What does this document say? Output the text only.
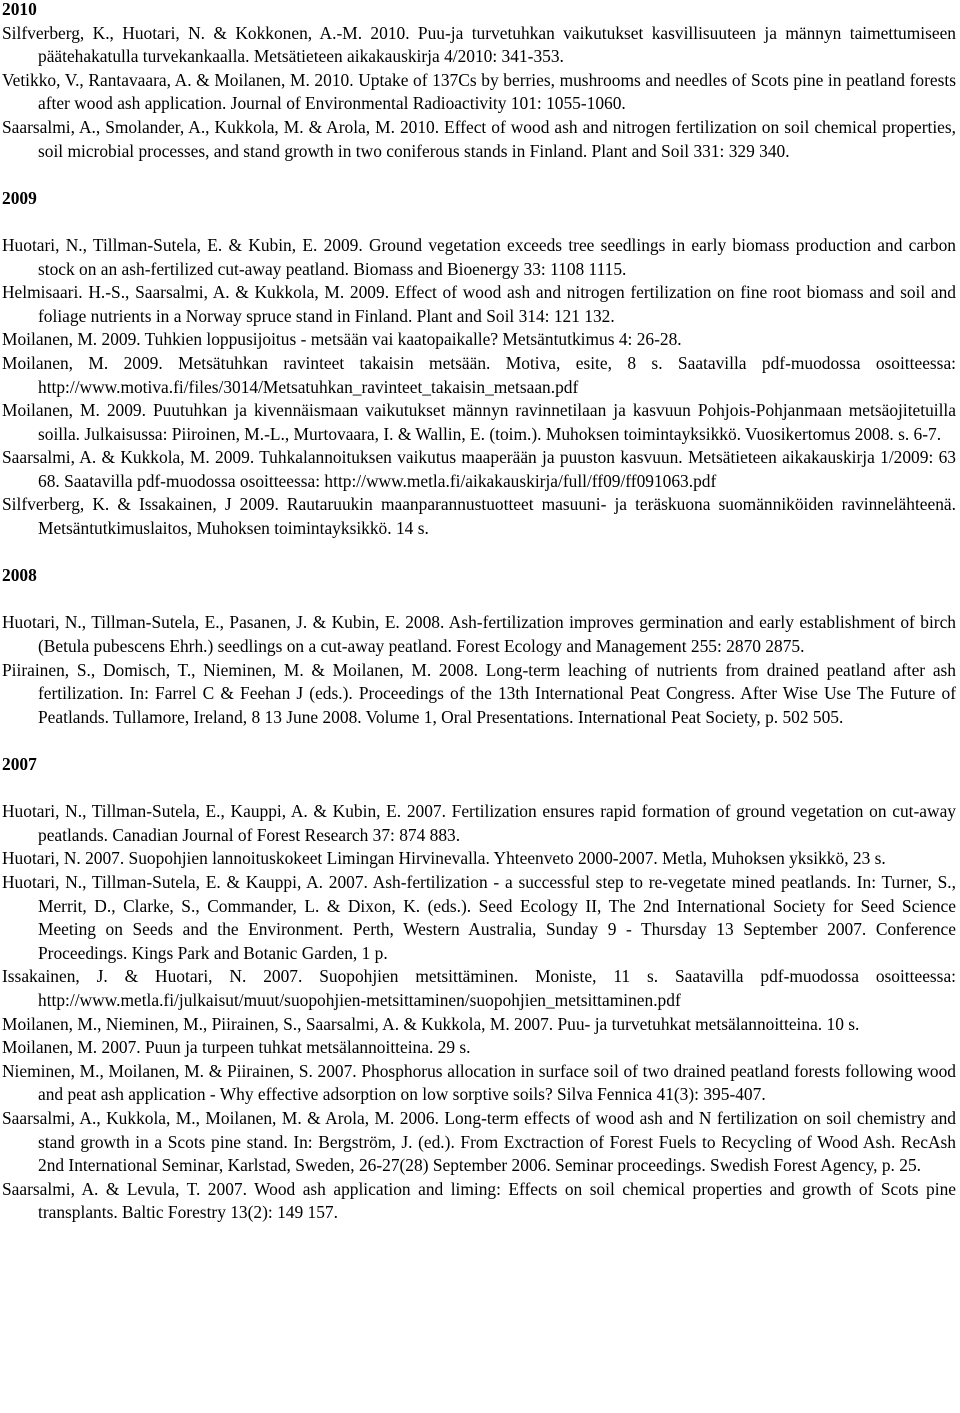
2010

Silfverberg, K., Huotari, N. & Kokkonen, A.-M. 2010. Puu-ja turvetuhkan vaikutukset kasvillisuuteen ja männyn taimettumiseen päätehakatulla turvekankaalla. Metsätieteen aikakauskirja 4/2010: 341-353.

Vetikko, V., Rantavaara, A. & Moilanen, M. 2010. Uptake of 137Cs by berries, mushrooms and needles of Scots pine in peatland forests after wood ash application. Journal of Environmental Radioactivity 101: 1055-1060.

Saarsalmi, A., Smolander, A., Kukkola, M. & Arola, M. 2010. Effect of wood ash and nitrogen fertilization on soil chemical properties, soil microbial processes, and stand growth in two coniferous stands in Finland. Plant and Soil 331: 329 340.

2009

Huotari, N., Tillman-Sutela, E. & Kubin, E. 2009. Ground vegetation exceeds tree seedlings in early biomass production and carbon stock on an ash-fertilized cut-away peatland. Biomass and Bioenergy 33: 1108 1115.

Helmisaari. H.-S., Saarsalmi, A. & Kukkola, M. 2009. Effect of wood ash and nitrogen fertilization on fine root biomass and soil and foliage nutrients in a Norway spruce stand in Finland. Plant and Soil 314: 121 132.

Moilanen, M. 2009. Tuhkien loppusijoitus - metsään vai kaatopaikalle? Metsäntutkimus 4: 26-28.

Moilanen, M. 2009. Metsätuhkan ravinteet takaisin metsään. Motiva, esite, 8 s. Saatavilla pdf-muodossa osoitteessa: http://www.motiva.fi/files/3014/Metsatuhkan_ravinteet_takaisin_metsaan.pdf

Moilanen, M. 2009. Puutuhkan ja kivennäismaan vaikutukset männyn ravinnetilaan ja kasvuun Pohjois-Pohjanmaan metsäojitetuilla soilla. Julkaisussa: Piiroinen, M.-L., Murtovaara, I. & Wallin, E. (toim.). Muhoksen toimintayksikkö. Vuosikertomus 2008. s. 6-7.

Saarsalmi, A. & Kukkola, M. 2009. Tuhkalannoituksen vaikutus maaperään ja puuston kasvuun. Metsätieteen aikakauskirja 1/2009: 63 68. Saatavilla pdf-muodossa osoitteessa: http://www.metla.fi/aikakauskirja/full/ff09/ff091063.pdf

Silfverberg, K. & Issakainen, J 2009. Rautaruukin maanparannustuotteet masuuni- ja teräskuona suomänniköiden ravinnelähteenä. Metsäntutkimuslaitos, Muhoksen toimintayksikkö. 14 s.

2008

Huotari, N., Tillman-Sutela, E., Pasanen, J. & Kubin, E. 2008. Ash-fertilization improves germination and early establishment of birch (Betula pubescens Ehrh.) seedlings on a cut-away peatland. Forest Ecology and Management 255: 2870 2875.

Piirainen, S., Domisch, T., Nieminen, M. & Moilanen, M. 2008. Long-term leaching of nutrients from drained peatland after ash fertilization. In: Farrel C & Feehan J (eds.). Proceedings of the 13th International Peat Congress. After Wise Use The Future of Peatlands. Tullamore, Ireland, 8 13 June 2008. Volume 1, Oral Presentations. International Peat Society, p. 502 505.

2007

Huotari, N., Tillman-Sutela, E., Kauppi, A. & Kubin, E. 2007. Fertilization ensures rapid formation of ground vegetation on cut-away peatlands. Canadian Journal of Forest Research 37: 874 883.

Huotari, N. 2007. Suopohjien lannoituskokeet Limingan Hirvinevalla. Yhteenveto 2000-2007. Metla, Muhoksen yksikkö, 23 s.

Huotari, N., Tillman-Sutela, E. & Kauppi, A. 2007. Ash-fertilization - a successful step to re-vegetate mined peatlands. In: Turner, S., Merrit, D., Clarke, S., Commander, L. & Dixon, K. (eds.). Seed Ecology II, The 2nd International Society for Seed Science Meeting on Seeds and the Environment. Perth, Western Australia, Sunday 9 - Thursday 13 September 2007. Conference Proceedings. Kings Park and Botanic Garden, 1 p.

Issakainen, J. & Huotari, N. 2007. Suopohjien metsittäminen. Moniste, 11 s. Saatavilla pdf-muodossa osoitteessa: http://www.metla.fi/julkaisut/muut/suopohjien-metsittaminen/suopohjien_metsittaminen.pdf

Moilanen, M., Nieminen, M., Piirainen, S., Saarsalmi, A. & Kukkola, M. 2007. Puu- ja turvetuhkat metsälannoitteina. 10 s.

Moilanen, M. 2007. Puun ja turpeen tuhkat metsälannoitteina. 29 s.

Nieminen, M., Moilanen, M. & Piirainen, S. 2007. Phosphorus allocation in surface soil of two drained peatland forests following wood and peat ash application - Why effective adsorption on low sorptive soils? Silva Fennica 41(3): 395-407.

Saarsalmi, A., Kukkola, M., Moilanen, M. & Arola, M. 2006. Long-term effects of wood ash and N fertilization on soil chemistry and stand growth in a Scots pine stand. In: Bergström, J. (ed.). From Exctraction of Forest Fuels to Recycling of Wood Ash. RecAsh 2nd International Seminar, Karlstad, Sweden, 26-27(28) September 2006. Seminar proceedings. Swedish Forest Agency, p. 25.

Saarsalmi, A. & Levula, T. 2007. Wood ash application and liming: Effects on soil chemical properties and growth of Scots pine transplants. Baltic Forestry 13(2): 149 157.
